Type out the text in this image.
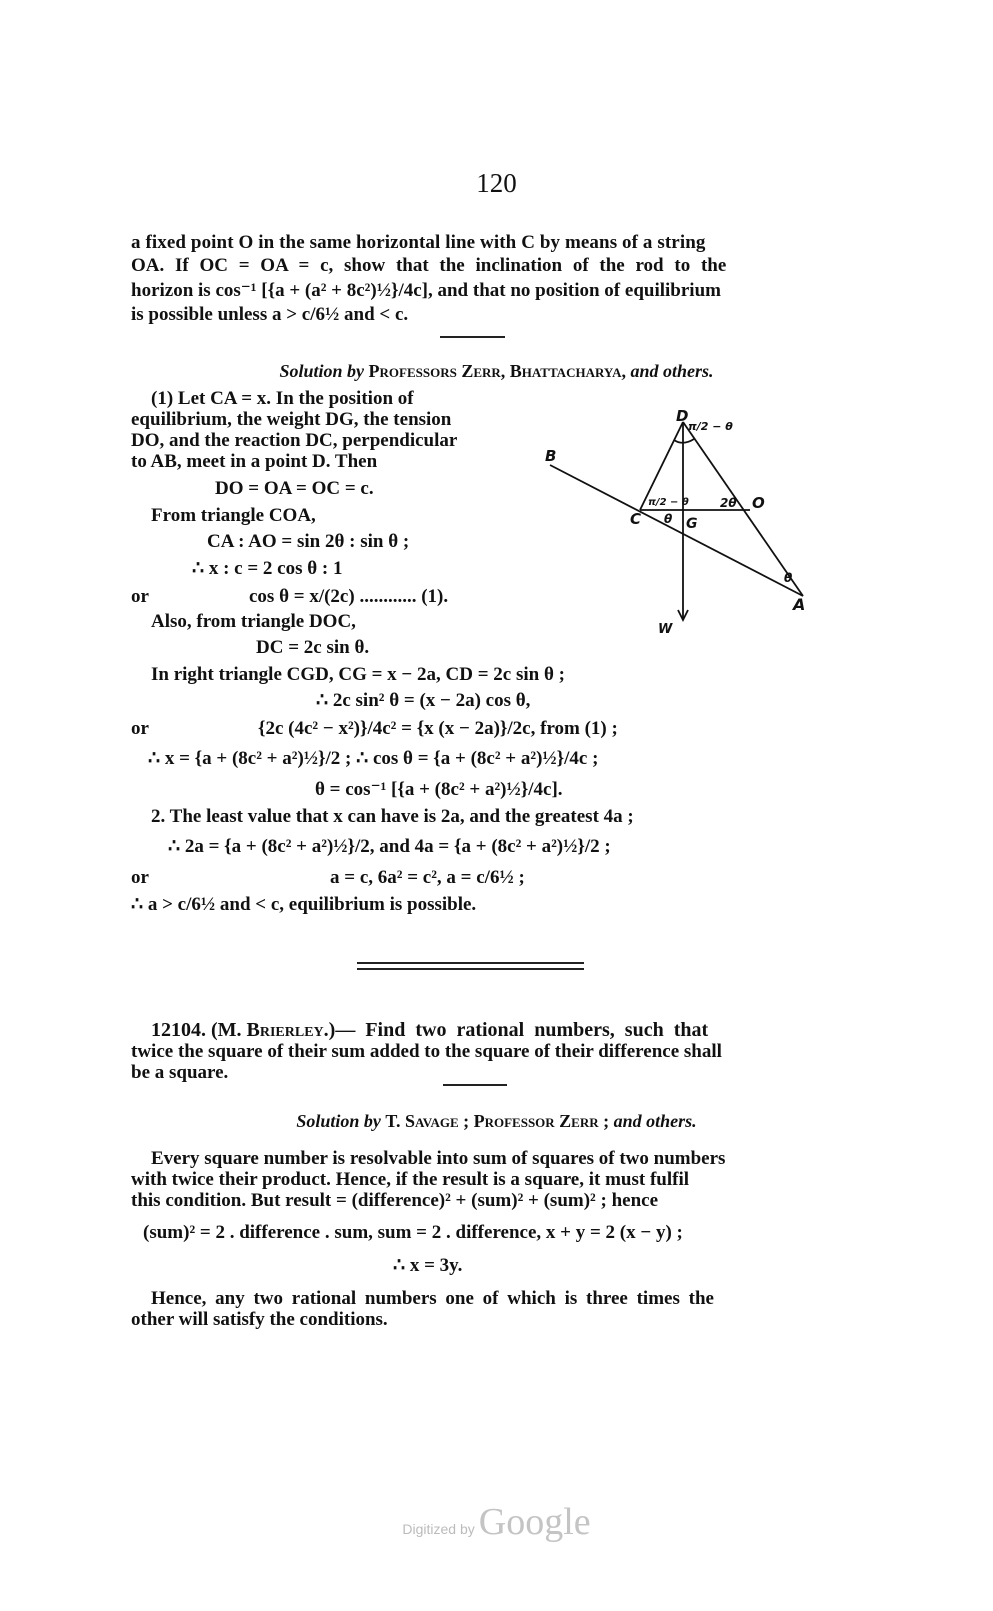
120
a fixed point O in the same horizontal line with C by means of a string
OA. If OC = OA = c, show that the inclination of the rod to the
horizon is cos⁻¹ [{a + (a² + 8c²)½}/4c], and that no position of equilibrium
is possible unless a > c/6½ and < c.
Solution by Professors Zerr, Bhattacharya, and others.
(1) Let CA = x. In the position of
equilibrium, the weight DG, the tension
DO, and the reaction DC, perpendicular
to AB, meet in a point D. Then
DO = OA = OC = c.
From triangle COA,
CA : AO = sin 2θ : sin θ ;
∴ x : c = 2 cos θ : 1
or	cos θ = x/(2c) ............ (1).
Also, from triangle DOC,
DC = 2c sin θ.
In right triangle CGD, CG = x − 2a, CD = 2c sin θ ;
∴ 2c sin² θ = (x − 2a) cos θ,
or	{2c (4c² − x²)}/4c² = {x (x − 2a)}/2c, from (1) ;
∴ x = {a + (8c² + a²)½}/2 ; ∴ cos θ = {a + (8c² + a²)½}/4c ;
θ = cos⁻¹ [{a + (8c² + a²)½}/4c].
2. The least value that x can have is 2a, and the greatest 4a ;
∴ 2a = {a + (8c² + a²)½}/2, and 4a = {a + (8c² + a²)½}/2 ;
or	a = c, 6a² = c², a = c/6½ ;
∴ a > c/6½ and < c, equilibrium is possible.
D
π/2 − θ
B
π/2 − θ
C θ G
2θ O
θ
A
W
12104. (M. Brierley.)— Find two rational numbers, such that
twice the square of their sum added to the square of their difference shall
be a square.
Solution by T. Savage ; Professor Zerr ; and others.
Every square number is resolvable into sum of squares of two numbers
with twice their product. Hence, if the result is a square, it must fulfil
this condition. But result = (difference)² + (sum)² + (sum)² ; hence
(sum)² = 2 . difference . sum, sum = 2 . difference, x + y = 2 (x − y) ;
∴ x = 3y.
Hence, any two rational numbers one of which is three times the
other will satisfy the conditions.
Digitized by Google
